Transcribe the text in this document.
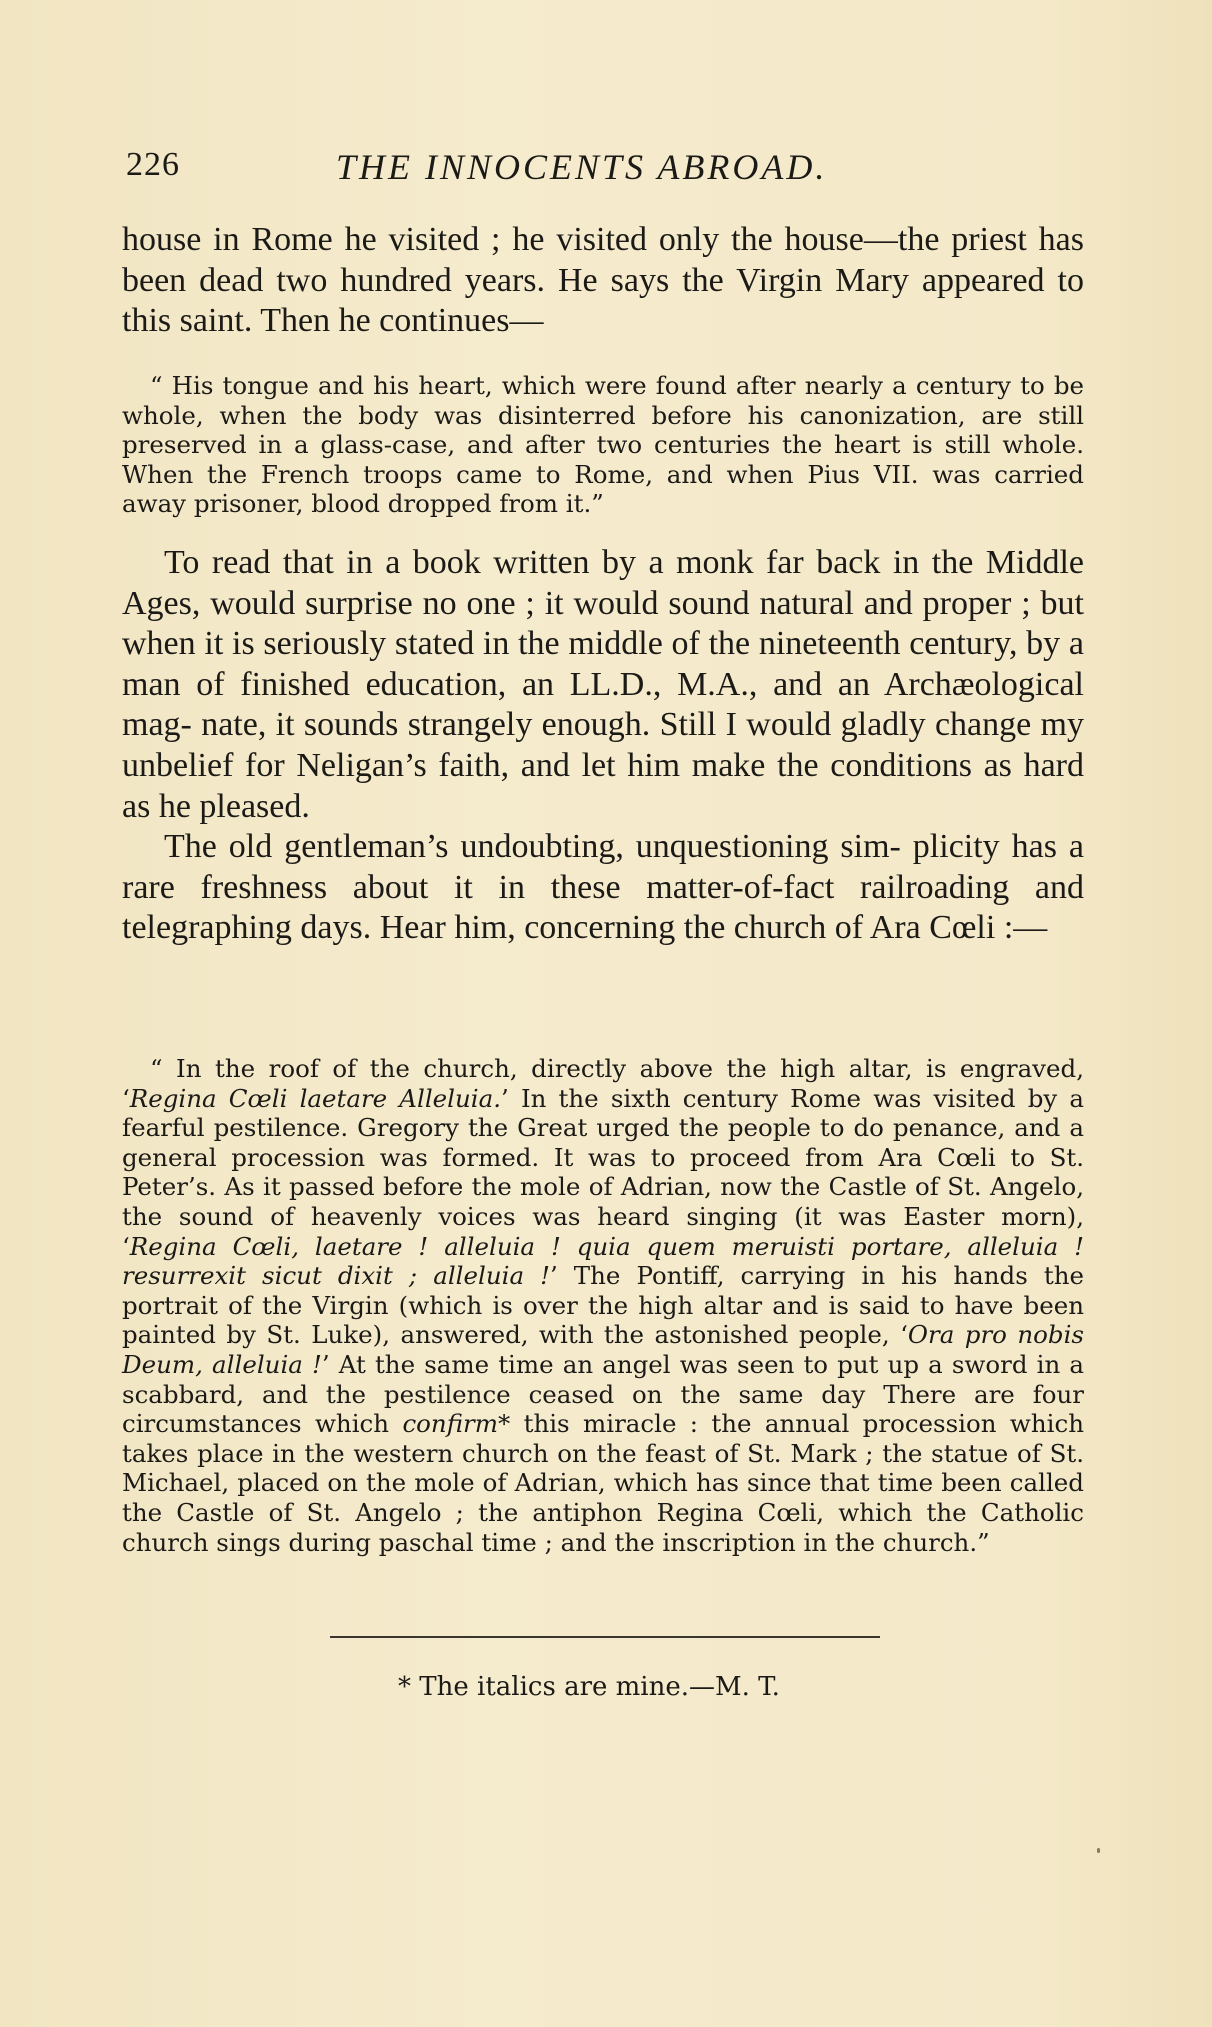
226	THE INNOCENTS ABROAD.

house in Rome he visited ; he visited only the house—the priest has been dead two hundred years. He says the Virgin Mary appeared to this saint. Then he continues—

“ His tongue and his heart, which were found after nearly a century to be whole, when the body was disinterred before his canonization, are still preserved in a glass-case, and after two centuries the heart is still whole. When the French troops came to Rome, and when Pius VII. was carried away prisoner, blood dropped from it.”

To read that in a book written by a monk far back in the Middle Ages, would surprise no one ; it would sound natural and proper ; but when it is seriously stated in the middle of the nineteenth century, by a man of finished education, an LL.D., M.A., and an Archæological mag- nate, it sounds strangely enough. Still I would gladly change my unbelief for Neligan’s faith, and let him make the conditions as hard as he pleased.

The old gentleman’s undoubting, unquestioning sim- plicity has a rare freshness about it in these matter-of-fact railroading and telegraphing days. Hear him, concerning the church of Ara Cœli :—

“ In the roof of the church, directly above the high altar, is engraved, ‘Regina Cœli laetare Alleluia.’ In the sixth century Rome was visited by a fearful pestilence. Gregory the Great urged the people to do penance, and a general procession was formed. It was to proceed from Ara Cœli to St. Peter’s. As it passed before the mole of Adrian, now the Castle of St. Angelo, the sound of heavenly voices was heard singing (it was Easter morn), ‘Regina Cœli, laetare ! alleluia ! quia quem meruisti portare, alleluia ! resurrexit sicut dixit ; alleluia !’ The Pontiff, carrying in his hands the portrait of the Virgin (which is over the high altar and is said to have been painted by St. Luke), answered, with the astonished people, ‘Ora pro nobis Deum, alleluia !’ At the same time an angel was seen to put up a sword in a scabbard, and the pestilence ceased on the same day There are four circumstances which confirm* this miracle : the annual procession which takes place in the western church on the feast of St. Mark ; the statue of St. Michael, placed on the mole of Adrian, which has since that time been called the Castle of St. Angelo ; the antiphon Regina Cœli, which the Catholic church sings during paschal time ; and the inscription in the church.”

* The italics are mine.—M. T.
